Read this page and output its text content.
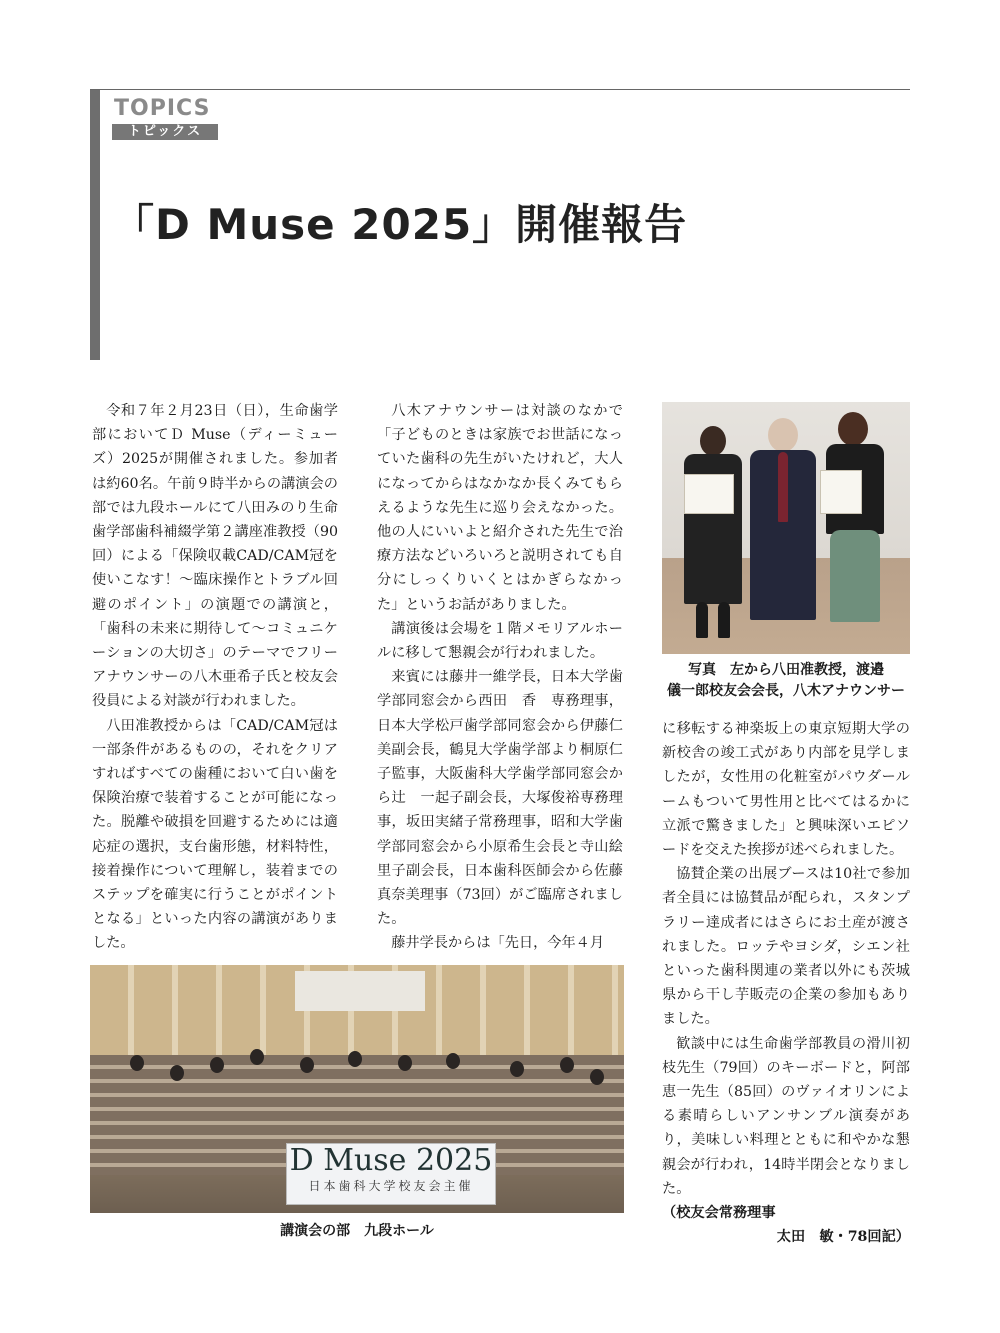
TOPICS
トピックス
「D Muse 2025」開催報告

令和７年２月23日（日），生命歯学部においてＤ Muse（ディーミューズ）2025が開催されました。参加者は約60名。午前９時半からの講演会の部では九段ホールにて八田みのり生命歯学部歯科補綴学第２講座准教授（90回）による「保険収載CAD/CAM冠を使いこなす！～臨床操作とトラブル回避のポイント」の演題での講演と，「歯科の未来に期待して～コミュニケーションの大切さ」のテーマでフリーアナウンサーの八木亜希子氏と校友会役員による対談が行われました。

八田准教授からは「CAD/CAM冠は一部条件があるものの，それをクリアすればすべての歯種において白い歯を保険治療で装着することが可能になった。脱離や破損を回避するためには適応症の選択，支台歯形態，材料特性，接着操作について理解し，装着までのステップを確実に行うことがポイントとなる」といった内容の講演がありました。

八木アナウンサーは対談のなかで「子どものときは家族でお世話になっていた歯科の先生がいたけれど，大人になってからはなかなか長くみてもらえるような先生に巡り会えなかった。他の人にいいよと紹介された先生で治療方法などいろいろと説明されても自分にしっくりいくとはかぎらなかった」というお話がありました。

講演後は会場を１階メモリアルホールに移して懇親会が行われました。

来賓には藤井一維学長，日本大学歯学部同窓会から西田　香　専務理事，日本大学松戸歯学部同窓会から伊藤仁美副会長，鶴見大学歯学部より桐原仁子監事，大阪歯科大学歯学部同窓会から辻　一起子副会長，大塚俊裕専務理事，坂田実緒子常務理事，昭和大学歯学部同窓会から小原希生会長と寺山絵里子副会長，日本歯科医師会から佐藤真奈美理事（73回）がご臨席されました。

藤井学長からは「先日，今年４月

写真　左から八田准教授，渡邉
儀一郎校友会会長，八木アナウンサー

に移転する神楽坂上の東京短期大学の新校舎の竣工式があり内部を見学しましたが，女性用の化粧室がパウダールームもついて男性用と比べてはるかに立派で驚きました」と興味深いエピソードを交えた挨拶が述べられました。

協賛企業の出展ブースは10社で参加者全員には協賛品が配られ，スタンプラリー達成者にはさらにお土産が渡されました。ロッテやヨシダ，シエン社といった歯科関連の業者以外にも茨城県から干し芋販売の企業の参加もありました。

歓談中には生命歯学部教員の滑川初枝先生（79回）のキーボードと，阿部恵一先生（85回）のヴァイオリンによる素晴らしいアンサンブル演奏があり，美味しい料理とともに和やかな懇親会が行われ，14時半閉会となりました。

（校友会常務理事

太田　敏・78回記）

D Muse 2025
日本歯科大学校友会主催
講演会の部　九段ホール
